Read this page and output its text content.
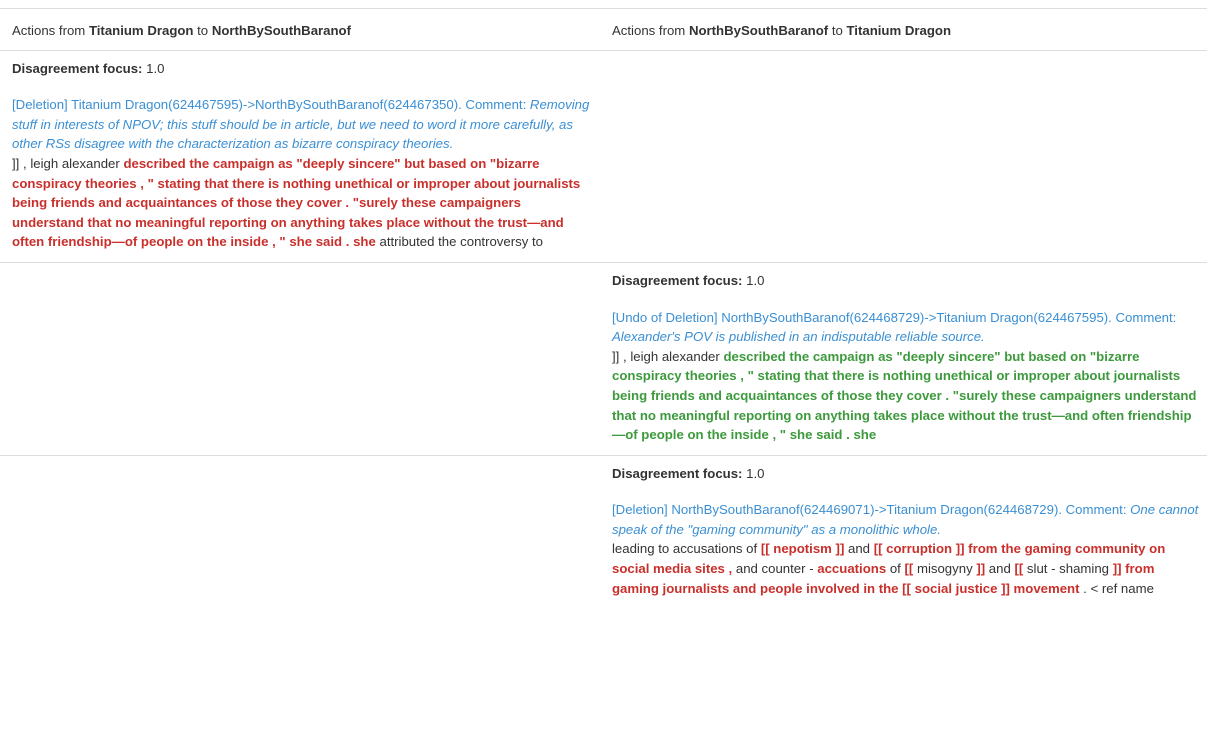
Actions from Titanium Dragon to NorthBySouthBaranof	Actions from NorthBySouthBaranof to Titanium Dragon

Disagreement focus: 1.0
[Deletion] Titanium Dragon(624467595)->NorthBySouthBaranof(624467350). Comment: Removing stuff in interests of NPOV; this stuff should be in article, but we need to word it more carefully, as other RSs disagree with the characterization as bizarre conspiracy theories.
]] , leigh alexander described the campaign as "deeply sincere" but based on "bizarre conspiracy theories , " stating that there is nothing unethical or improper about journalists being friends and acquaintances of those they cover . "surely these campaigners understand that no meaningful reporting on anything takes place without the trust—and often friendship—of people on the inside , " she said . she attributed the controversy to	

	Disagreement focus: 1.0
[Undo of Deletion] NorthBySouthBaranof(624468729)->Titanium Dragon(624467595). Comment: Alexander's POV is published in an indisputable reliable source.
]] , leigh alexander described the campaign as "deeply sincere" but based on "bizarre conspiracy theories , " stating that there is nothing unethical or improper about journalists being friends and acquaintances of those they cover . "surely these campaigners understand that no meaningful reporting on anything takes place without the trust—and often friendship—of people on the inside , " she said . she

	Disagreement focus: 1.0
[Deletion] NorthBySouthBaranof(624469071)->Titanium Dragon(624468729). Comment: One cannot speak of the "gaming community" as a monolithic whole.
leading to accusations of [[ nepotism ]] and [[ corruption ]] from the gaming community on social media sites , and counter - accuations of [[ misogyny ]] and [[ slut - shaming ]] from gaming journalists and people involved in the [[ social justice ]] movement . < ref name
